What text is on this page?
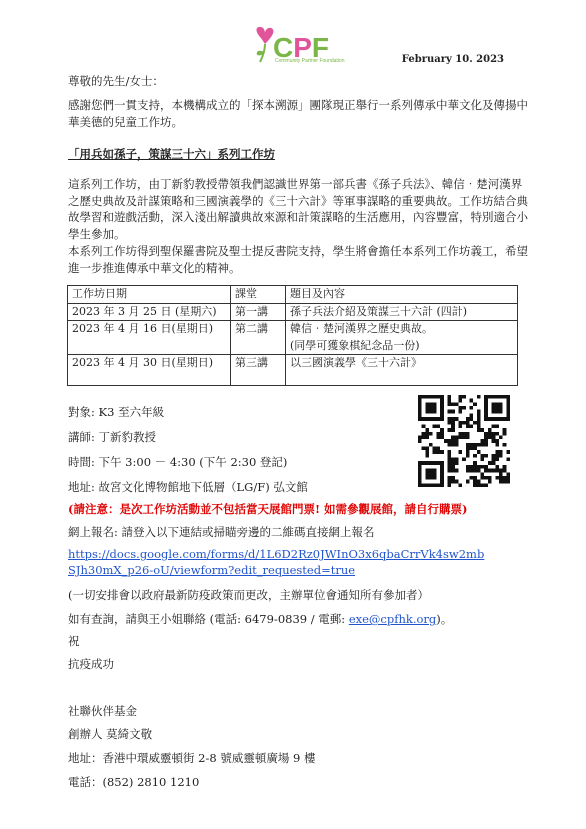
CPF
Community Partner Foundation	February 10. 2023
尊敬的先生/女士：
感謝您們一貫支持，本機構成立的「探本溯源」團隊現正舉行一系列傳承中華文化及傳揚中華美德的兒童工作坊。
「用兵如孫子，策謀三十六」系列工作坊
這系列工作坊，由丁新豹教授帶領我們認識世界第一部兵書《孫子兵法》、韓信‧楚河漢界之歷史典故及計謀策略和三國演義學的《三十六計》等軍事謀略的重要典故。工作坊結合典故學習和遊戲活動，深入淺出解讀典故來源和計策謀略的生活應用，內容豐富，特別適合小學生參加。
本系列工作坊得到聖保羅書院及聖士提反書院支持，學生將會擔任本系列工作坊義工，希望進一步推進傳承中華文化的精神。
工作坊日期	課堂	題目及內容
2023 年 3 月 25 日 (星期六)	第一講	孫子兵法介紹及策謀三十六計 (四計)
2023 年 4 月 16 日(星期日)	第二講	韓信‧楚河漢界之歷史典故。
(同學可獲象棋紀念品一份)

2023 年 4 月 30 日(星期日)	第三講	以三國演義學《三十六計》
對象: K3 至六年級
講師: 丁新豹教授
時間: 下午 3:00 － 4:30 (下午 2:30 登記)
地址: 故宮文化博物館地下低層（LG/F) 弘文館
(請注意：是次工作坊活動並不包括當天展館門票! 如需參觀展館，請自行購票)
網上報名: 請登入以下連結或掃瞄旁邊的二維碼直接網上報名
https://docs.google.com/forms/d/1L6D2Rz0JWInO3x6qbaCrrVk4sw2mbSJh30mX_p26-oU/viewform?edit_requested=true
(一切安排會以政府最新防疫政策而更改，主辦單位會通知所有參加者）
如有查詢，請與王小姐聯絡 (電話: 6479-0839 / 電郵: exe@cpfhk.org)。
祝
抗疫成功
社聯伙伴基金
創辦人 莫綺文敬
地址：香港中環威靈頓街 2-8 號威靈頓廣場 9 樓
電話：(852) 2810 1210
